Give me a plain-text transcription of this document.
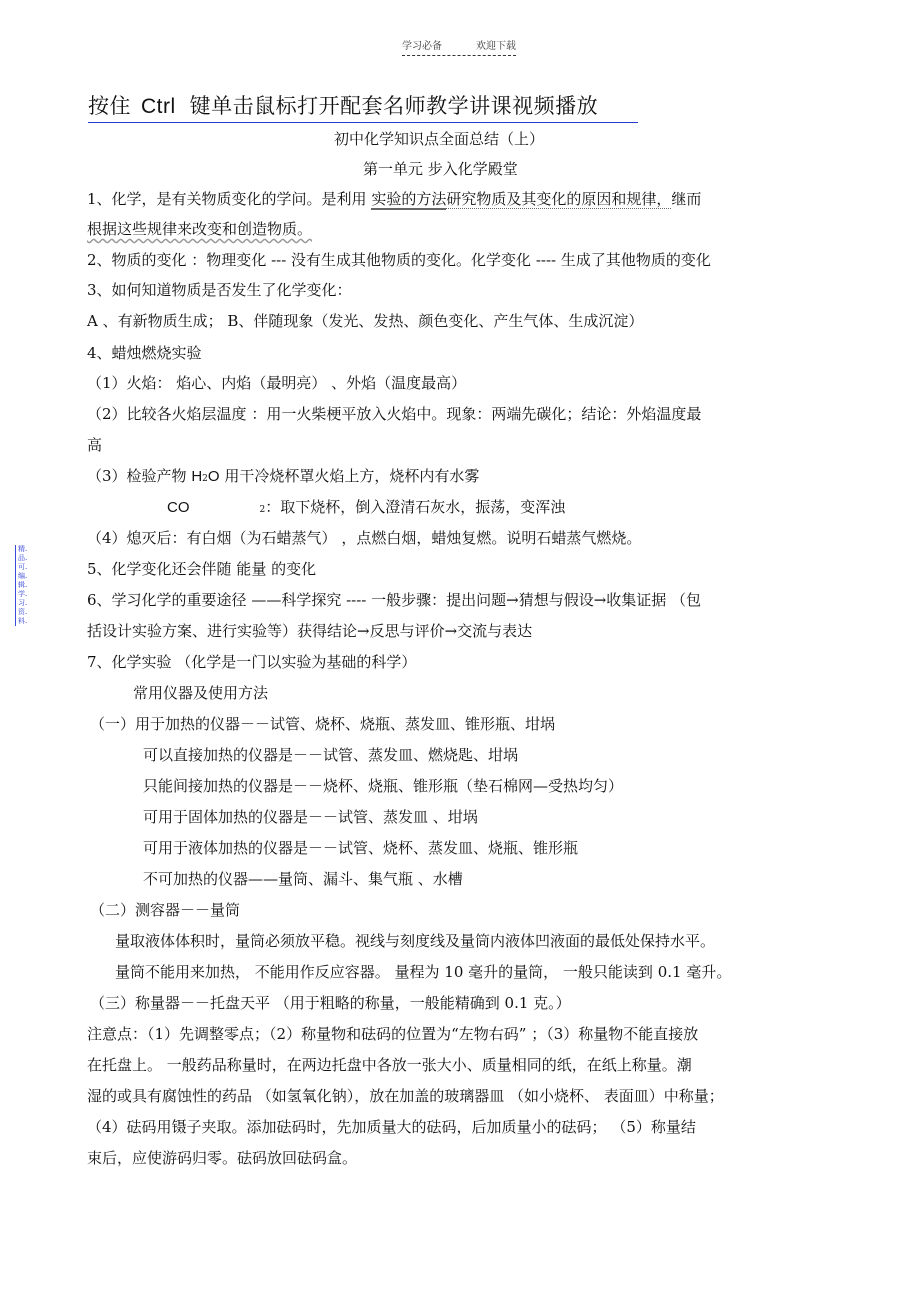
学习必备	欢迎下载
按住 Ctrl 键单击鼠标打开配套名师教学讲课视频播放
初中化学知识点全面总结（上）
第一单元 步入化学殿堂
精.
品.
可.
编.
辑.
学.
习.
资.
料.
1、化学，是有关物质变化的学问。是利用 实验的方法研究物质及其变化的原因和规律，继而
根据这些规律来改变和创造物质。
2、物质的变化 ：物理变化 --- 没有生成其他物质的变化。化学变化 ---- 生成了其他物质的变化
3、如何知道物质是否发生了化学变化：
A 、有新物质生成； B、伴随现象（发光、发热、颜色变化、产生气体、生成沉淀）
4、蜡烛燃烧实验
（1）火焰： 焰心、内焰（最明亮） 、外焰（温度最高）
（2）比较各火焰层温度 ：用一火柴梗平放入火焰中。现象：两端先碳化；结论：外焰温度最
高
（3）检验产物 H2O 用干冷烧杯罩火焰上方，烧杯内有水雾
CO	2：取下烧杯，倒入澄清石灰水，振荡，变浑浊
（4）熄灭后：有白烟（为石蜡蒸气） ，点燃白烟，蜡烛复燃。说明石蜡蒸气燃烧。
5、化学变化还会伴随 能量 的变化
6、学习化学的重要途径 ——科学探究 ---- 一般步骤：提出问题→猜想与假设→收集证据 （包
括设计实验方案、进行实验等）获得结论→反思与评价→交流与表达
7、化学实验 （化学是一门以实验为基础的科学）
常用仪器及使用方法
（一）用于加热的仪器－－试管、烧杯、烧瓶、蒸发皿、锥形瓶、坩埚
可以直接加热的仪器是－－试管、蒸发皿、燃烧匙、坩埚
只能间接加热的仪器是－－烧杯、烧瓶、锥形瓶（垫石棉网—受热均匀）
可用于固体加热的仪器是－－试管、蒸发皿 、坩埚
可用于液体加热的仪器是－－试管、烧杯、蒸发皿、烧瓶、锥形瓶
不可加热的仪器——量筒、漏斗、集气瓶 、水槽
（二）测容器－－量筒
量取液体体积时，量筒必须放平稳。视线与刻度线及量筒内液体凹液面的最低处保持水平。
量筒不能用来加热， 不能用作反应容器。 量程为 10 毫升的量筒， 一般只能读到 0.1 毫升。
（三）称量器－－托盘天平 （用于粗略的称量，一般能精确到 0.1 克。）
注意点：（1）先调整零点；（2）称量物和砝码的位置为“左物右码” ；（3）称量物不能直接放
在托盘上。 一般药品称量时，在两边托盘中各放一张大小、质量相同的纸，在纸上称量。潮
湿的或具有腐蚀性的药品 （如氢氧化钠），放在加盖的玻璃器皿 （如小烧杯、 表面皿）中称量；
（4）砝码用镊子夹取。添加砝码时，先加质量大的砝码，后加质量小的砝码； （5）称量结
束后，应使游码归零。砝码放回砝码盒。
